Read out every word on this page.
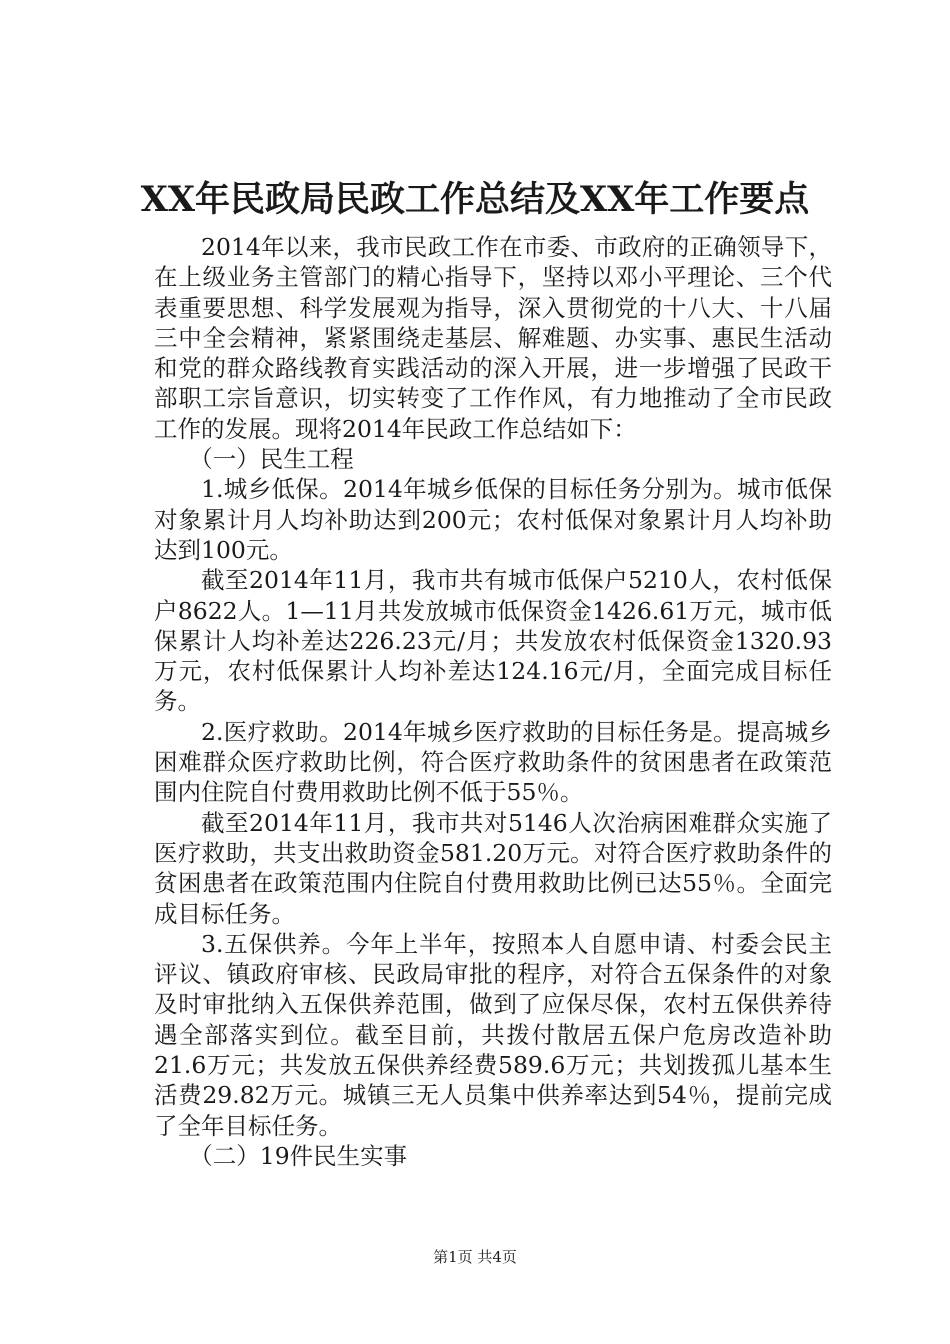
XX年民政局民政工作总结及XX年工作要点

2014年以来，我市民政工作在市委、市政府的正确领导下，在上级业务主管部门的精心指导下，坚持以邓小平理论、三个代表重要思想、科学发展观为指导，深入贯彻党的十八大、十八届三中全会精神，紧紧围绕走基层、解难题、办实事、惠民生活动和党的群众路线教育实践活动的深入开展，进一步增强了民政干部职工宗旨意识，切实转变了工作作风，有力地推动了全市民政工作的发展。现将2014年民政工作总结如下：

（一）民生工程

1.城乡低保。2014年城乡低保的目标任务分别为。城市低保对象累计月人均补助达到200元；农村低保对象累计月人均补助达到100元。

截至2014年11月，我市共有城市低保户5210人，农村低保户8622人。1—11月共发放城市低保资金1426.61万元，城市低保累计人均补差达226.23元/月；共发放农村低保资金1320.93万元，农村低保累计人均补差达124.16元/月，全面完成目标任务。

2.医疗救助。2014年城乡医疗救助的目标任务是。提高城乡困难群众医疗救助比例，符合医疗救助条件的贫困患者在政策范围内住院自付费用救助比例不低于55％。

截至2014年11月，我市共对5146人次治病困难群众实施了医疗救助，共支出救助资金581.20万元。对符合医疗救助条件的贫困患者在政策范围内住院自付费用救助比例已达55％。全面完成目标任务。

3.五保供养。今年上半年，按照本人自愿申请、村委会民主评议、镇政府审核、民政局审批的程序，对符合五保条件的对象及时审批纳入五保供养范围，做到了应保尽保，农村五保供养待遇全部落实到位。截至目前，共拨付散居五保户危房改造补助21.6万元；共发放五保供养经费589.6万元；共划拨孤儿基本生活费29.82万元。城镇三无人员集中供养率达到54％，提前完成了全年目标任务。

（二）19件民生实事

第1页 共4页
